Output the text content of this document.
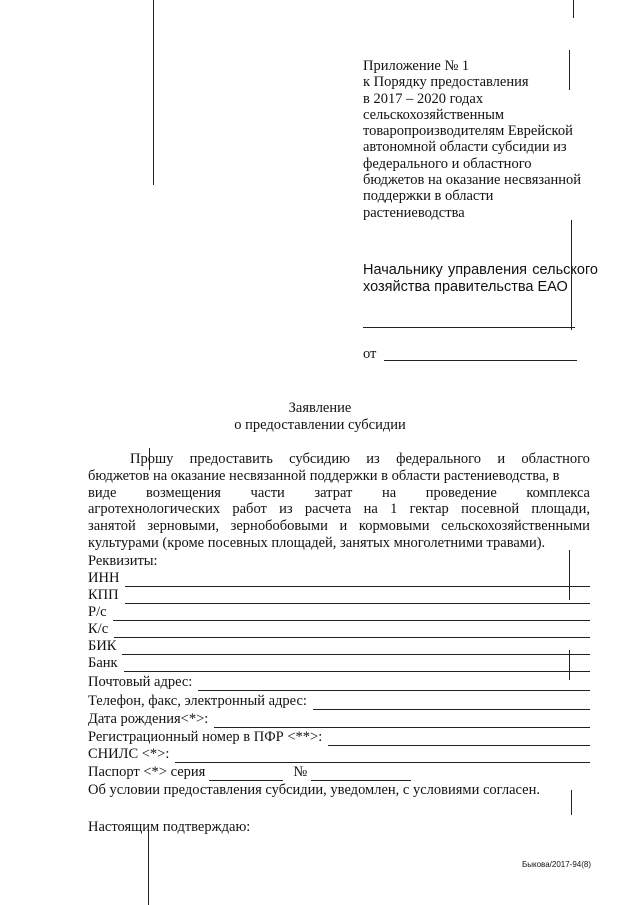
Приложение № 1
к Порядку предоставления
в 2017 – 2020 годах
сельскохозяйственным
товаропроизводителям Еврейской
автономной области субсидии из
федерального и областного
бюджетов на оказание несвязанной
поддержки в области
растениеводства
Начальнику управления сельского
хозяйства правительства ЕАО
от
Заявление
о предоставлении субсидии
Прошу предоставить субсидию из федерального и областного
бюджетов на оказание несвязанной поддержки в области растениеводства, в
виде возмещения части затрат на проведение комплекса
агротехнологических работ из расчета на 1 гектар посевной площади,
занятой зерновыми, зернобобовыми и кормовыми сельскохозяйственными
культурами (кроме посевных площадей, занятых многолетними травами).
Реквизиты:
ИНН
КПП
Р/с
К/с
БИК
Банк
Почтовый адрес:
Телефон, факс, электронный адрес:
Дата рождения<*>:
Регистрационный номер в ПФР <**>:
СНИЛС <*>:
Паспорт <*> серия	№
Об условии предоставления субсидии, уведомлен, с условиями согласен.
Настоящим подтверждаю:
Быкова/2017-94(8)
